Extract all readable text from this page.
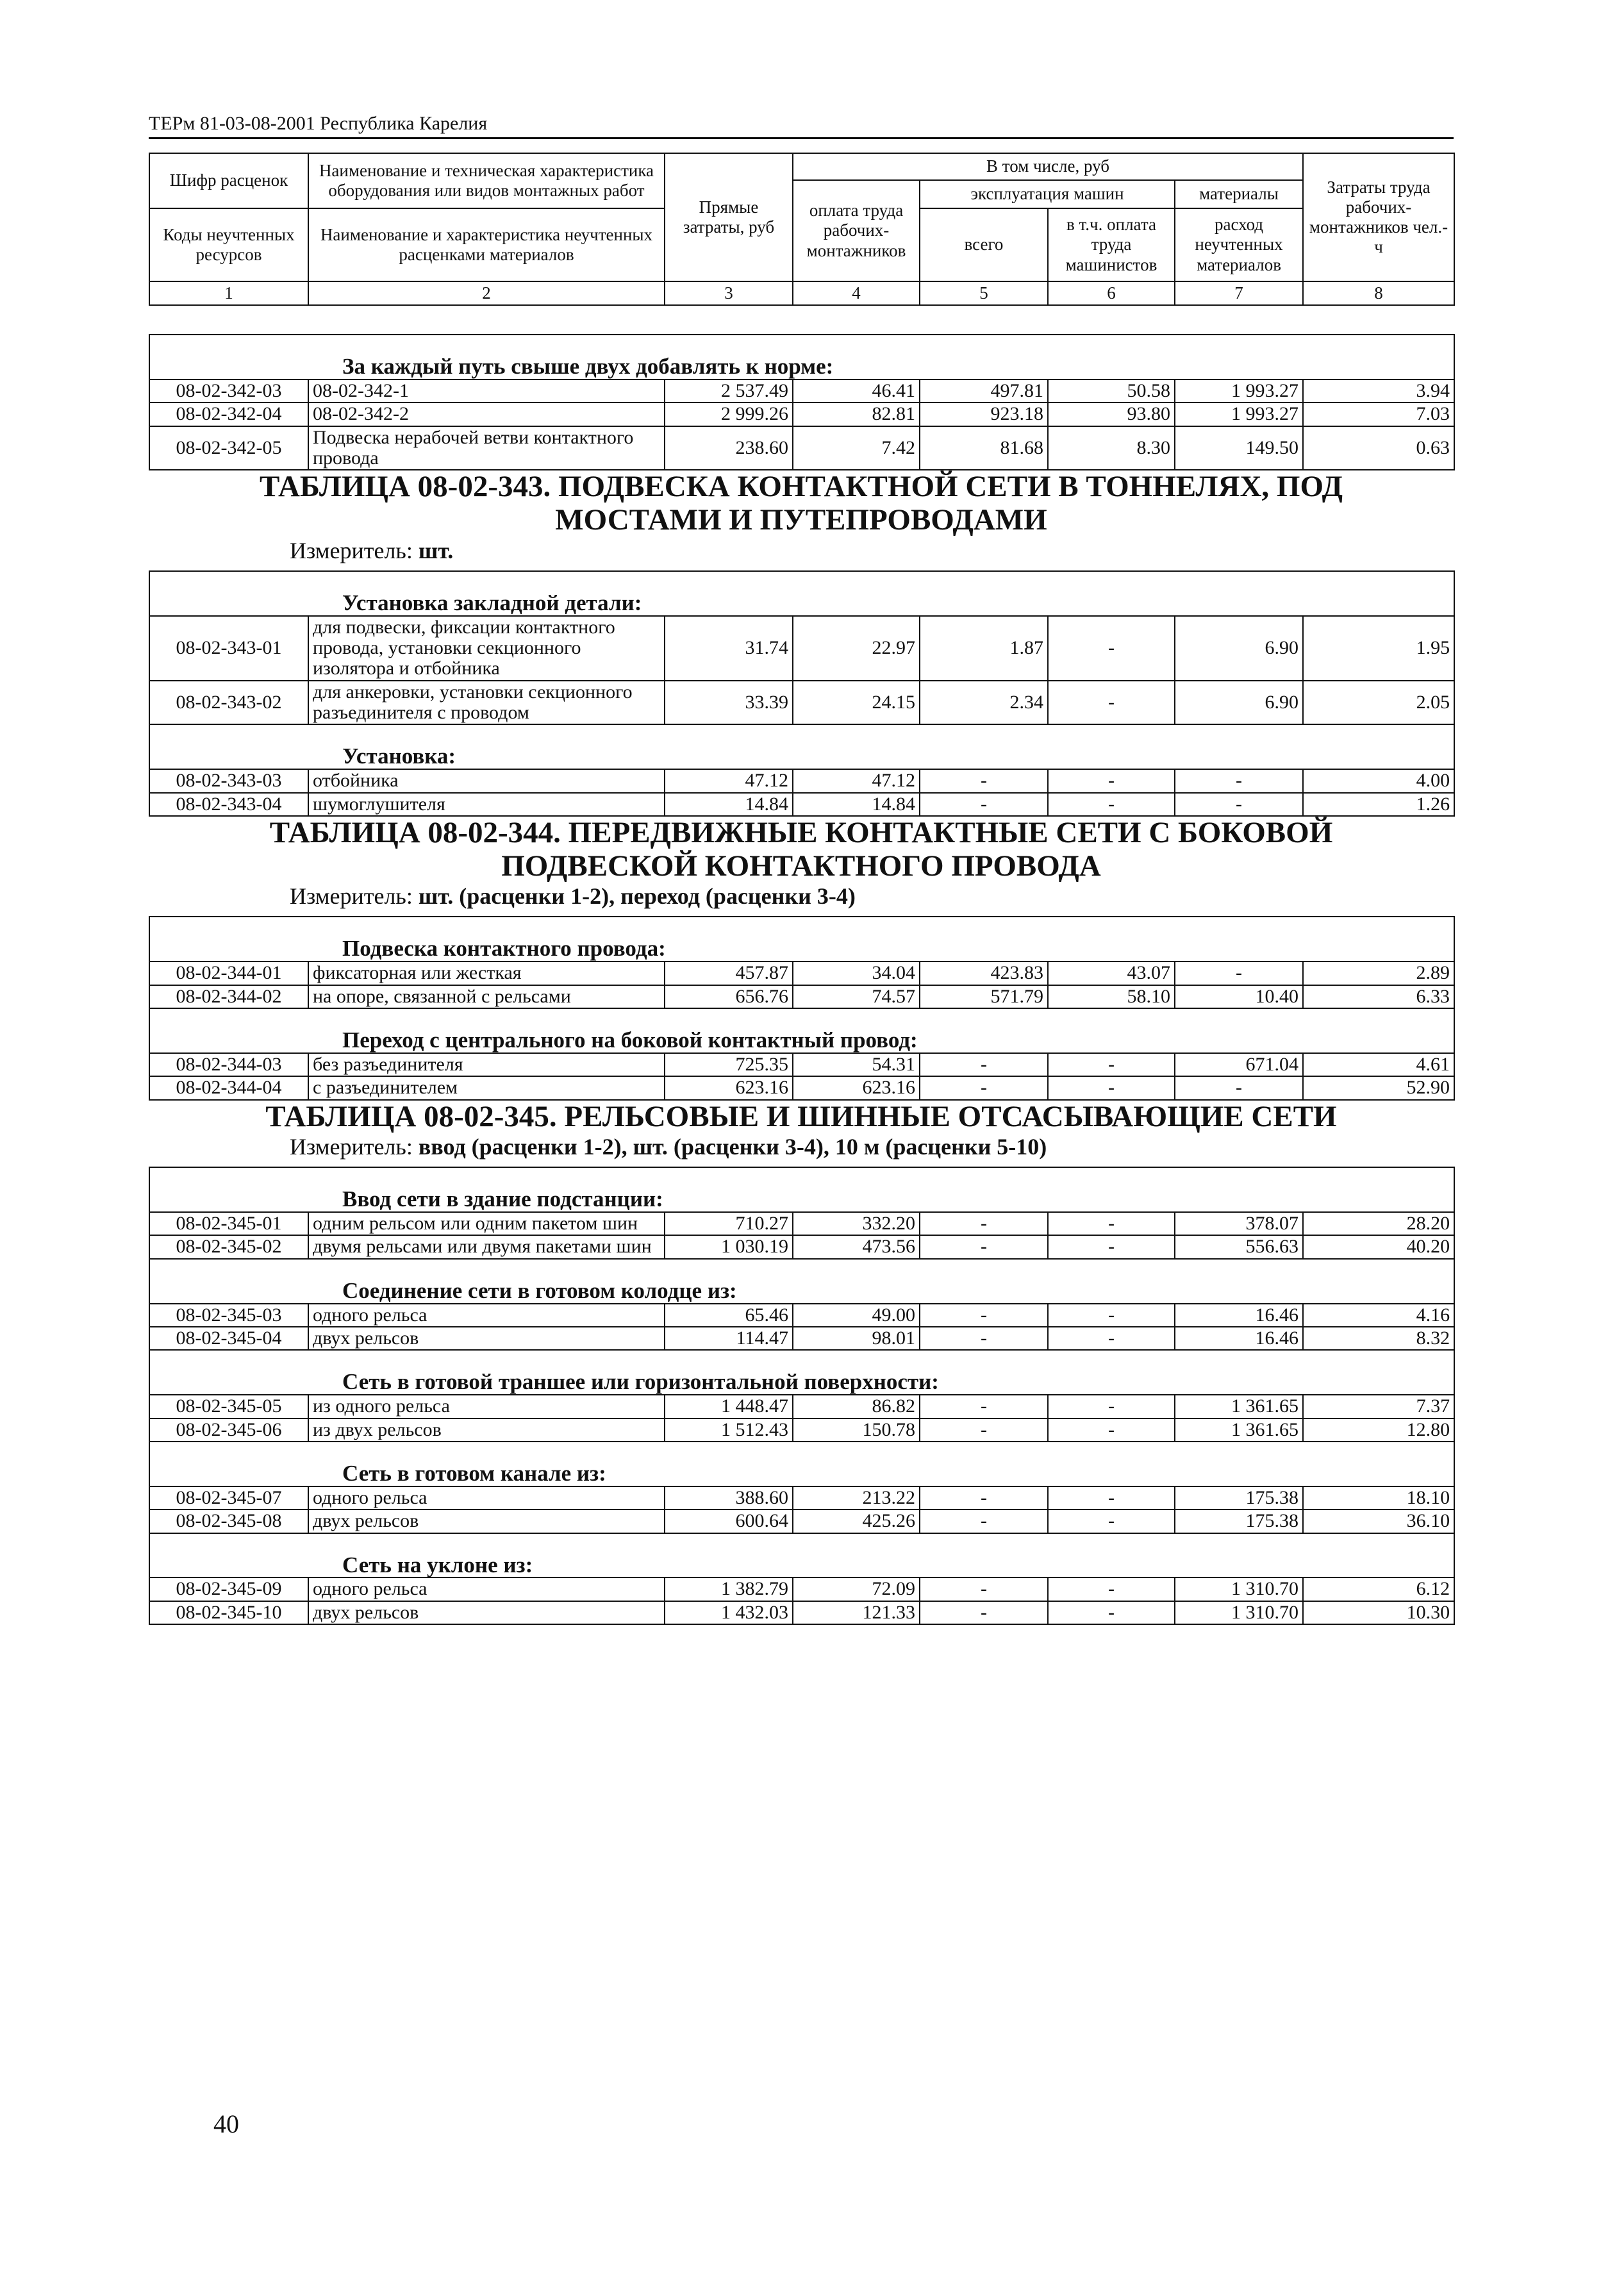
ТЕРм 81-03-08-2001 Республика Карелия
Шифр расценок	Наименование и техническая характеристика оборудования или видов монтажных работ	Прямые затраты, руб	В том числе, руб				Затраты труда рабочих-монтажников чел.-ч
			оплата труда рабочих-монтажников	эксплуатация машин		материалы	
Коды неучтенных ресурсов	Наименование и характеристика неучтенных расценками материалов			всего	в т.ч. оплата труда машинистов	расход неучтенных материалов	

1	2	3	4	5	6	7	8
За каждый путь свыше двух добавлять к норме:							
08-02-342-03	08-02-342-1	2 537.49	46.41	497.81	50.58	1 993.27	3.94
08-02-342-04	08-02-342-2	2 999.26	82.81	923.18	93.80	1 993.27	7.03
08-02-342-05	Подвеска нерабочей ветви контактного провода	238.60	7.42	81.68	8.30	149.50	0.63
ТАБЛИЦА 08-02-343. ПОДВЕСКА КОНТАКТНОЙ СЕТИ В ТОННЕЛЯХ, ПОД МОСТАМИ И ПУТЕПРОВОДАМИ
Измеритель: шт.
Установка закладной детали:							
08-02-343-01	для подвески, фиксации контактного провода, установки секционного изолятора и отбойника	31.74	22.97	1.87	-	6.90	1.95
08-02-343-02	для анкеровки, установки секционного разъединителя с проводом	33.39	24.15	2.34	-	6.90	2.05
Установка:							
08-02-343-03	отбойника	47.12	47.12	-	-	-	4.00
08-02-343-04	шумоглушителя	14.84	14.84	-	-	-	1.26
ТАБЛИЦА 08-02-344. ПЕРЕДВИЖНЫЕ КОНТАКТНЫЕ СЕТИ С БОКОВОЙ ПОДВЕСКОЙ КОНТАКТНОГО ПРОВОДА
Измеритель: шт. (расценки 1-2), переход (расценки 3-4)
Подвеска контактного провода:							
08-02-344-01	фиксаторная или жесткая	457.87	34.04	423.83	43.07	-	2.89
08-02-344-02	на опоре, связанной с рельсами	656.76	74.57	571.79	58.10	10.40	6.33
Переход с центрального на боковой контактный провод:							
08-02-344-03	без разъединителя	725.35	54.31	-	-	671.04	4.61
08-02-344-04	с разъединителем	623.16	623.16	-	-	-	52.90
ТАБЛИЦА 08-02-345. РЕЛЬСОВЫЕ И ШИННЫЕ ОТСАСЫВАЮЩИЕ СЕТИ
Измеритель: ввод (расценки 1-2), шт. (расценки 3-4), 10 м (расценки 5-10)
Ввод сети в здание подстанции:							
08-02-345-01	одним рельсом или одним пакетом шин	710.27	332.20	-	-	378.07	28.20
08-02-345-02	двумя рельсами или двумя пакетами шин	1 030.19	473.56	-	-	556.63	40.20
Соединение сети в готовом колодце из:							
08-02-345-03	одного рельса	65.46	49.00	-	-	16.46	4.16
08-02-345-04	двух рельсов	114.47	98.01	-	-	16.46	8.32
Сеть в готовой траншее или горизонтальной поверхности:							
08-02-345-05	из одного рельса	1 448.47	86.82	-	-	1 361.65	7.37
08-02-345-06	из двух рельсов	1 512.43	150.78	-	-	1 361.65	12.80
Сеть в готовом канале из:							
08-02-345-07	одного рельса	388.60	213.22	-	-	175.38	18.10
08-02-345-08	двух рельсов	600.64	425.26	-	-	175.38	36.10
Сеть на уклоне из:							
08-02-345-09	одного рельса	1 382.79	72.09	-	-	1 310.70	6.12
08-02-345-10	двух рельсов	1 432.03	121.33	-	-	1 310.70	10.30
40
